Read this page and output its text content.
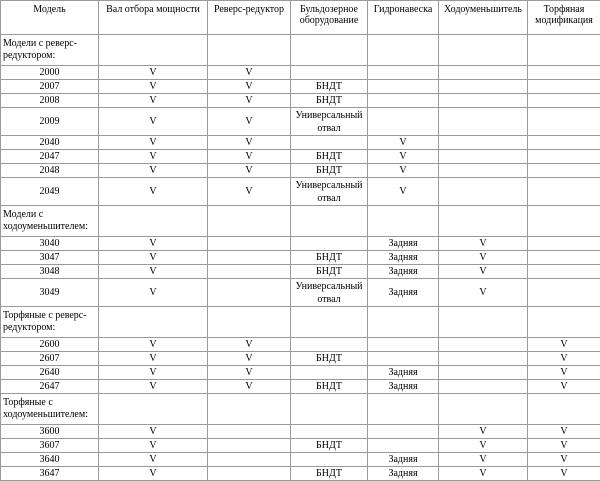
Модель	Вал отбора мощности	Реверс-редуктор	Бульдозерное оборудование	Гидронавеска	Ходоуменьшитель	Торфяная модификация
Модели с реверс-редуктором:						
2000	V	V				
2007	V	V	БНДТ			
2008	V	V	БНДТ			
2009	V	V	Универсальный отвал			
2040	V	V		V		
2047	V	V	БНДТ	V		
2048	V	V	БНДТ	V		
2049	V	V	Универсальный отвал	V		
Модели с ходоуменьшителем:						
3040	V			Задняя	V	
3047	V		БНДТ	Задняя	V	
3048	V		БНДТ	Задняя	V	
3049	V		Универсальный отвал	Задняя	V	
Торфяные с реверс-редуктором:						
2600	V	V				V
2607	V	V	БНДТ			V
2640	V	V		Задняя		V
2647	V	V	БНДТ	Задняя		V
Торфяные с ходоуменьшителем:						
3600	V				V	V
3607	V		БНДТ		V	V
3640	V			Задняя	V	V
3647	V		БНДТ	Задняя	V	V
